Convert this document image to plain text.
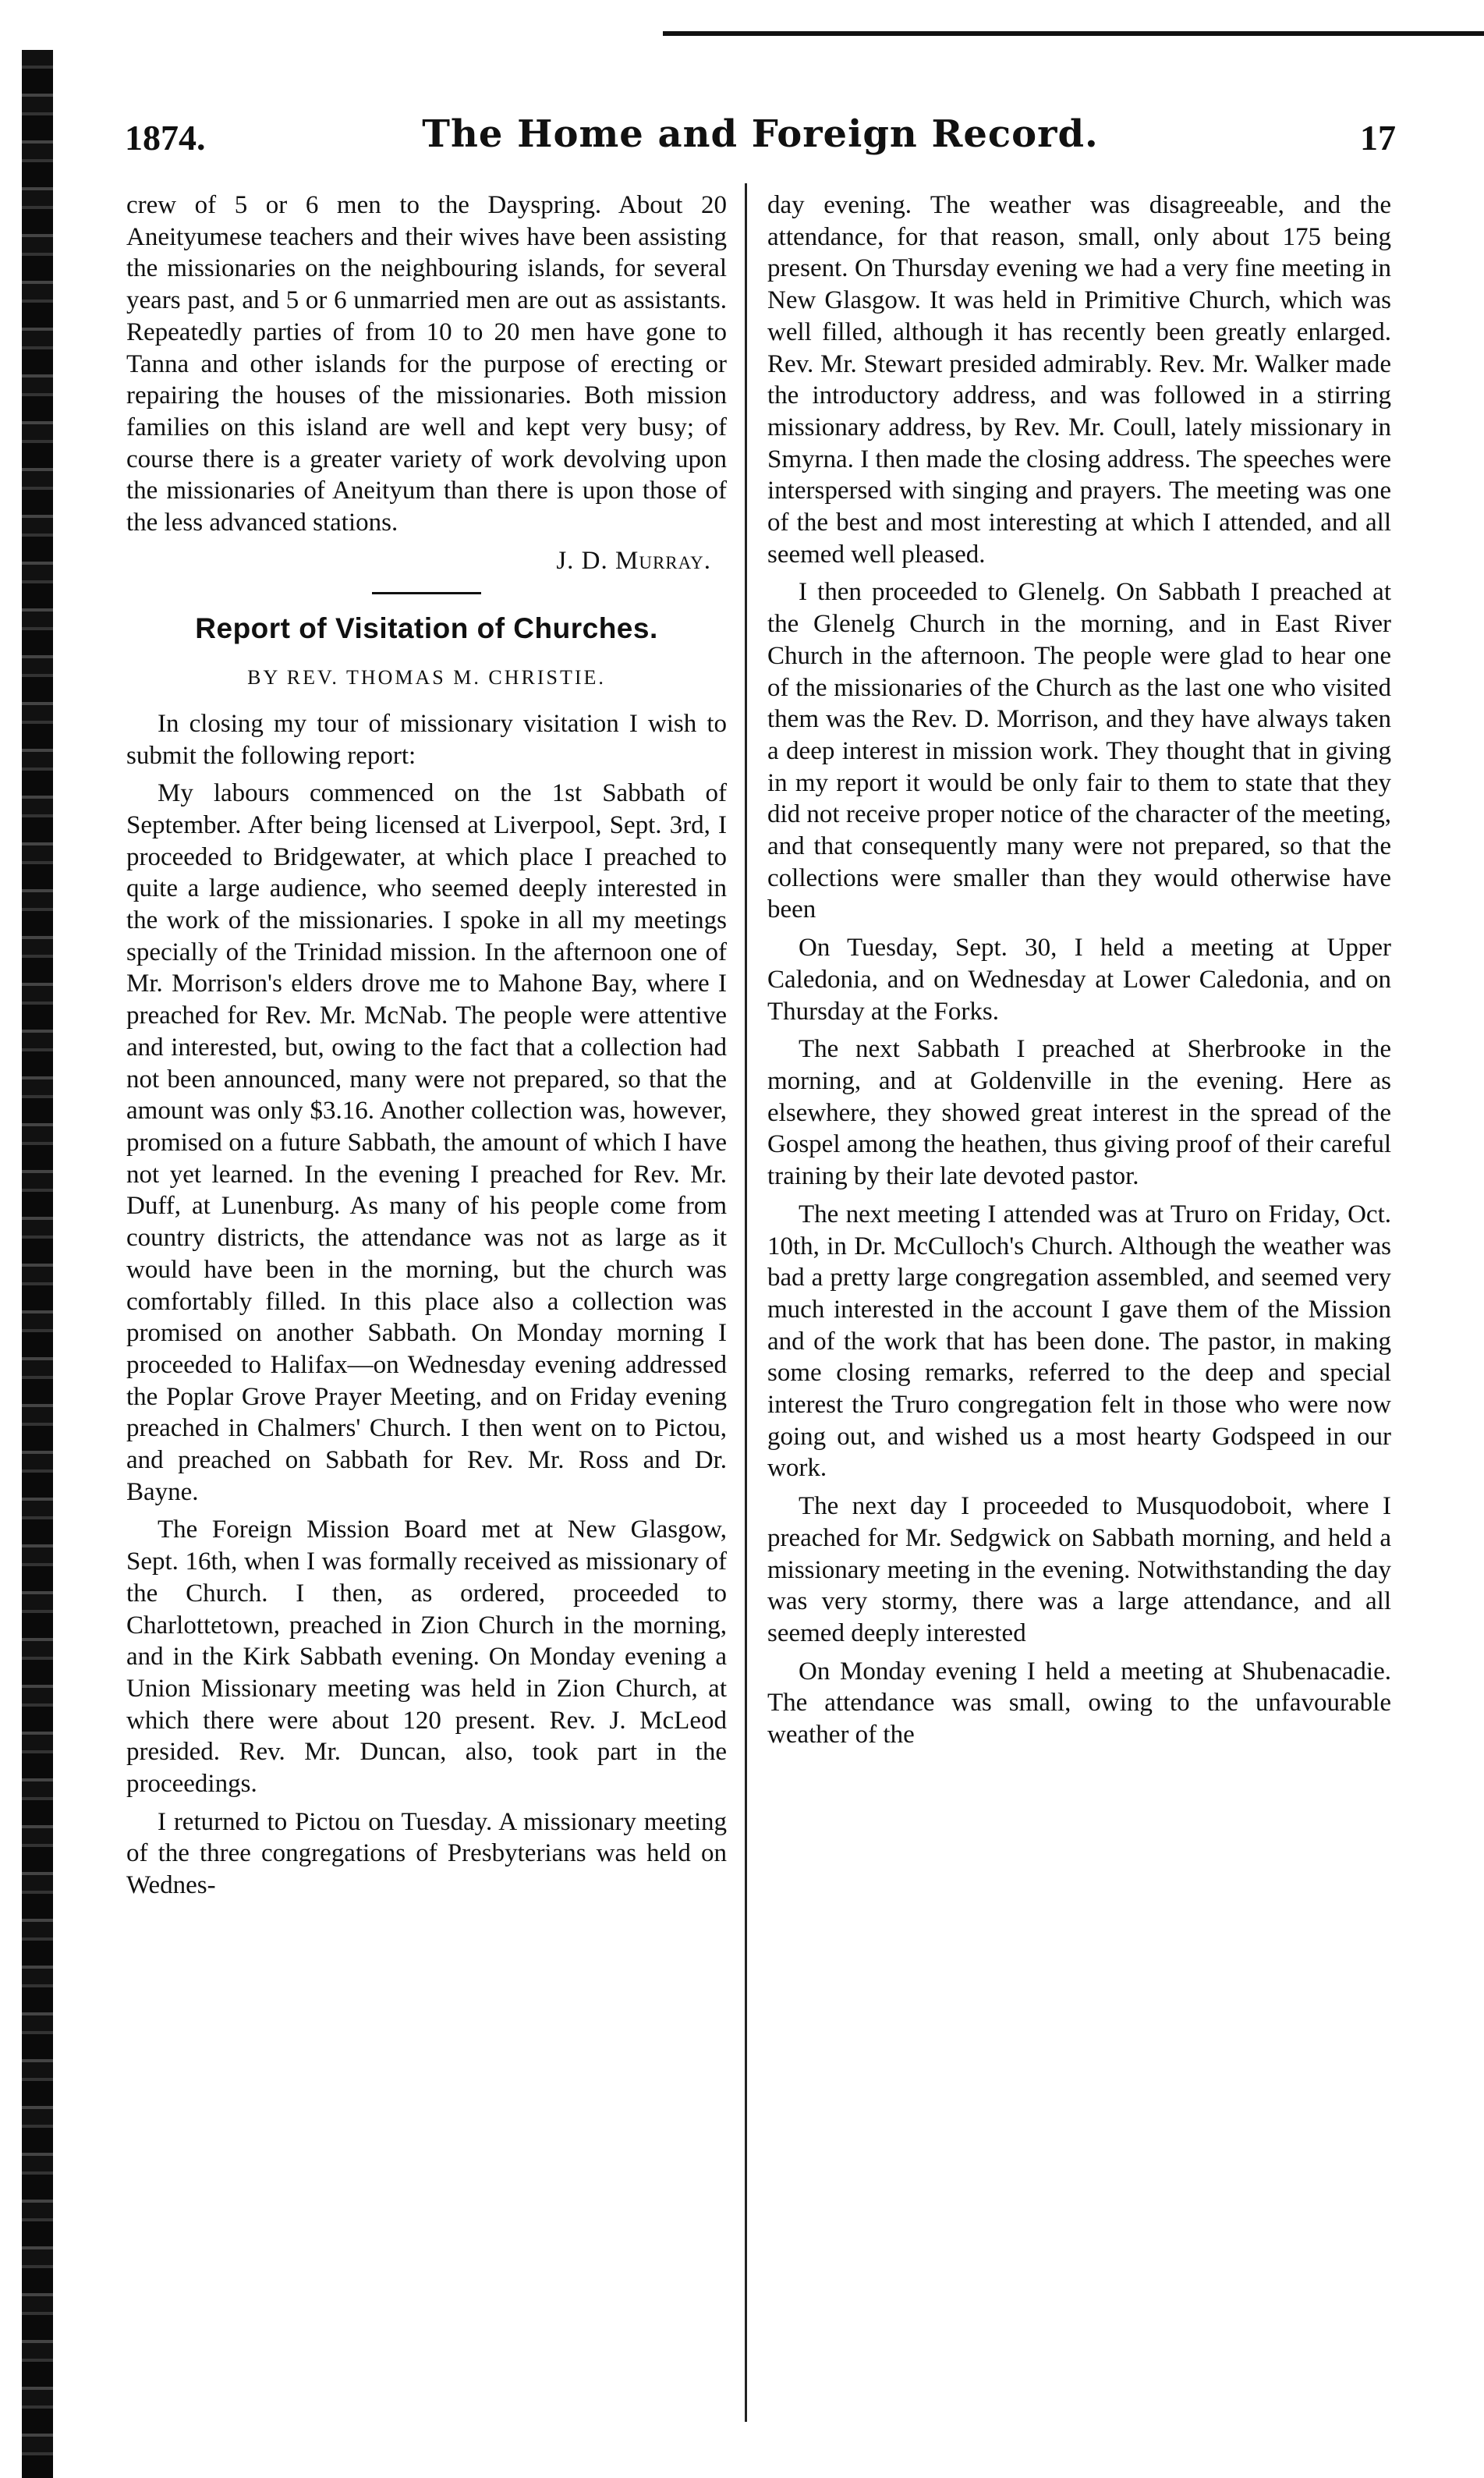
1874.	The Home and Foreign Record.	17

crew of 5 or 6 men to the Dayspring. About 20 Aneityumese teachers and their wives have been assisting the missionaries on the neighbouring islands, for several years past, and 5 or 6 unmarried men are out as assistants. Repeatedly parties of from 10 to 20 men have gone to Tanna and other islands for the purpose of erecting or repairing the houses of the missionaries. Both mission families on this island are well and kept very busy; of course there is a greater variety of work devolving upon the missionaries of Aneityum than there is upon those of the less advanced stations.

J. D. Murray.
Report of Visitation of Churches.
BY REV. THOMAS M. CHRISTIE.

In closing my tour of missionary visitation I wish to submit the following report:

My labours commenced on the 1st Sabbath of September. After being licensed at Liverpool, Sept. 3rd, I proceeded to Bridgewater, at which place I preached to quite a large audience, who seemed deeply interested in the work of the missionaries. I spoke in all my meetings specially of the Trinidad mission. In the afternoon one of Mr. Morrison's elders drove me to Mahone Bay, where I preached for Rev. Mr. McNab. The people were attentive and interested, but, owing to the fact that a collection had not been announced, many were not prepared, so that the amount was only $3.16. Another collection was, however, promised on a future Sabbath, the amount of which I have not yet learned. In the evening I preached for Rev. Mr. Duff, at Lunenburg. As many of his people come from country districts, the attendance was not as large as it would have been in the morning, but the church was comfortably filled. In this place also a collection was promised on another Sabbath. On Monday morning I proceeded to Halifax—on Wednesday evening addressed the Poplar Grove Prayer Meeting, and on Friday evening preached in Chalmers' Church. I then went on to Pictou, and preached on Sabbath for Rev. Mr. Ross and Dr. Bayne.

The Foreign Mission Board met at New Glasgow, Sept. 16th, when I was formally received as missionary of the Church. I then, as ordered, proceeded to Charlottetown, preached in Zion Church in the morning, and in the Kirk Sabbath evening. On Monday evening a Union Missionary meeting was held in Zion Church, at which there were about 120 present. Rev. J. McLeod presided. Rev. Mr. Duncan, also, took part in the proceedings.

I returned to Pictou on Tuesday. A missionary meeting of the three congregations of Presbyterians was held on Wednes-

day evening. The weather was disagreeable, and the attendance, for that reason, small, only about 175 being present. On Thursday evening we had a very fine meeting in New Glasgow. It was held in Primitive Church, which was well filled, although it has recently been greatly enlarged. Rev. Mr. Stewart presided admirably. Rev. Mr. Walker made the introductory address, and was followed in a stirring missionary address, by Rev. Mr. Coull, lately missionary in Smyrna. I then made the closing address. The speeches were interspersed with singing and prayers. The meeting was one of the best and most interesting at which I attended, and all seemed well pleased.

I then proceeded to Glenelg. On Sabbath I preached at the Glenelg Church in the morning, and in East River Church in the afternoon. The people were glad to hear one of the missionaries of the Church as the last one who visited them was the Rev. D. Morrison, and they have always taken a deep interest in mission work. They thought that in giving in my report it would be only fair to them to state that they did not receive proper notice of the character of the meeting, and that consequently many were not prepared, so that the collections were smaller than they would otherwise have been

On Tuesday, Sept. 30, I held a meeting at Upper Caledonia, and on Wednesday at Lower Caledonia, and on Thursday at the Forks.

The next Sabbath I preached at Sherbrooke in the morning, and at Goldenville in the evening. Here as elsewhere, they showed great interest in the spread of the Gospel among the heathen, thus giving proof of their careful training by their late devoted pastor.

The next meeting I attended was at Truro on Friday, Oct. 10th, in Dr. McCulloch's Church. Although the weather was bad a pretty large congregation assembled, and seemed very much interested in the account I gave them of the Mission and of the work that has been done. The pastor, in making some closing remarks, referred to the deep and special interest the Truro congregation felt in those who were now going out, and wished us a most hearty Godspeed in our work.

The next day I proceeded to Musquodoboit, where I preached for Mr. Sedgwick on Sabbath morning, and held a missionary meeting in the evening. Notwithstanding the day was very stormy, there was a large attendance, and all seemed deeply interested

On Monday evening I held a meeting at Shubenacadie. The attendance was small, owing to the unfavourable weather of the
